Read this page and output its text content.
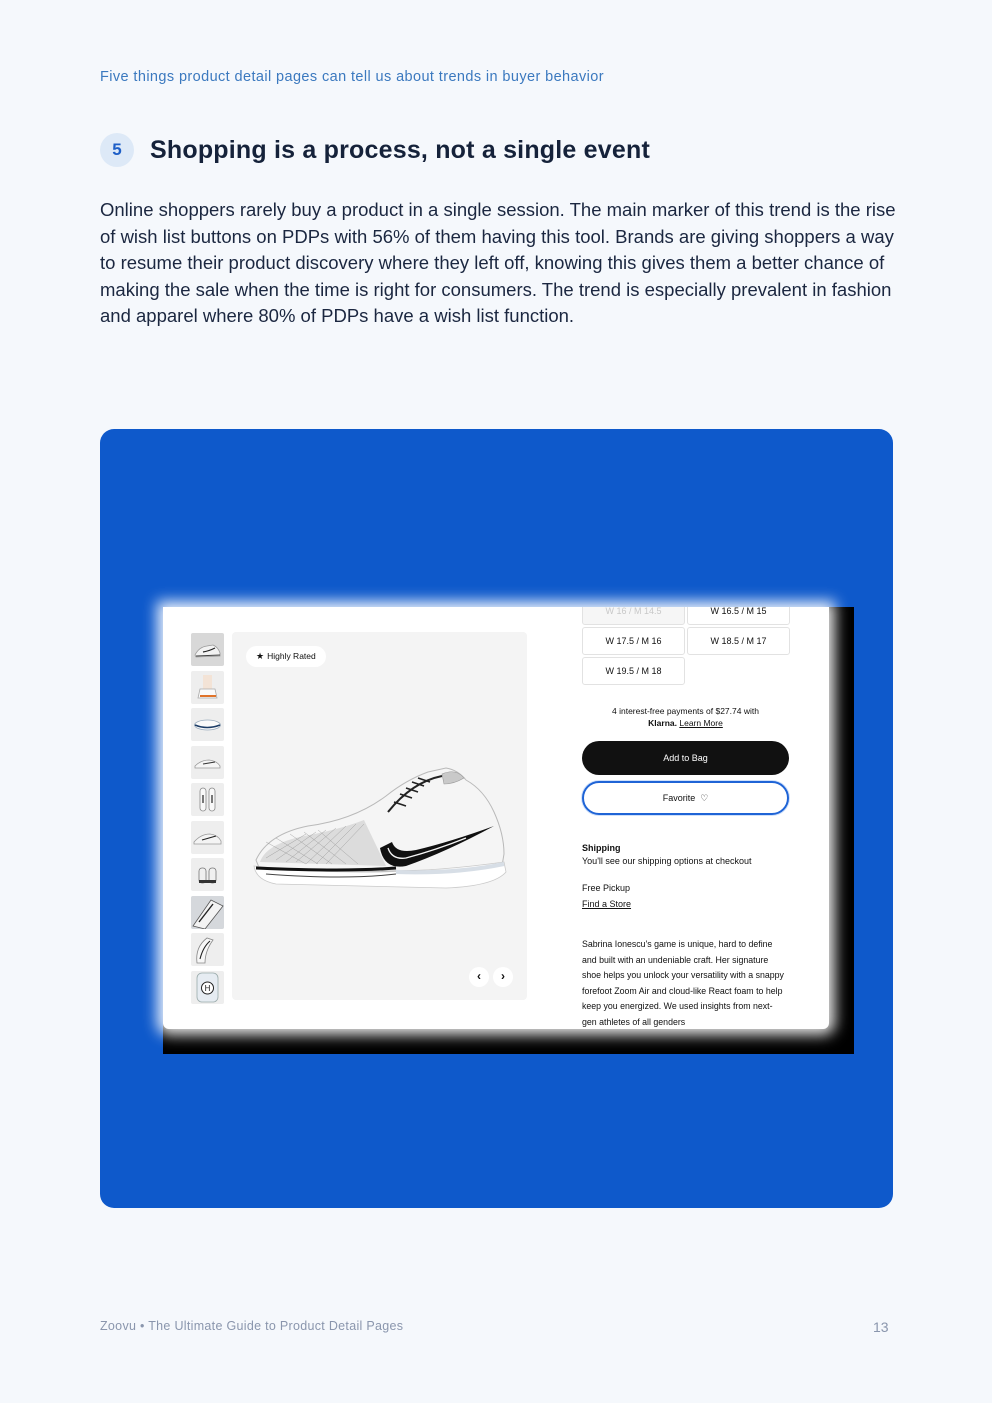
Five things product detail pages can tell us about trends in buyer behavior
5	Shopping is a process, not a single event

Online shoppers rarely buy a product in a single session. The main marker of this trend is the rise of wish list buttons on PDPs with 56% of them having this tool. Brands are giving shoppers a way to resume their product discovery where they left off, knowing this gives them a better chance of making the sale when the time is right for consumers. The trend is especially prevalent in fashion and apparel where 80% of PDPs have a wish list function.

H
★ Highly Rated
‹	›
W 16 / M 14.5	W 16.5 / M 15
W 17.5 / M 16	W 18.5 / M 17
W 19.5 / M 18
4 interest-free payments of $27.74 with
Klarna. Learn More
Add to Bag
Favorite ♡
Shipping
You'll see our shipping options at checkout
Free Pickup
Find a Store
Sabrina Ionescu's game is unique, hard to define and built with an undeniable craft. Her signature shoe helps you unlock your versatility with a snappy forefoot Zoom Air and cloud-like React foam to help keep you energized. We used insights from next-gen athletes of all genders
Zoovu • The Ultimate Guide to Product Detail Pages	13
